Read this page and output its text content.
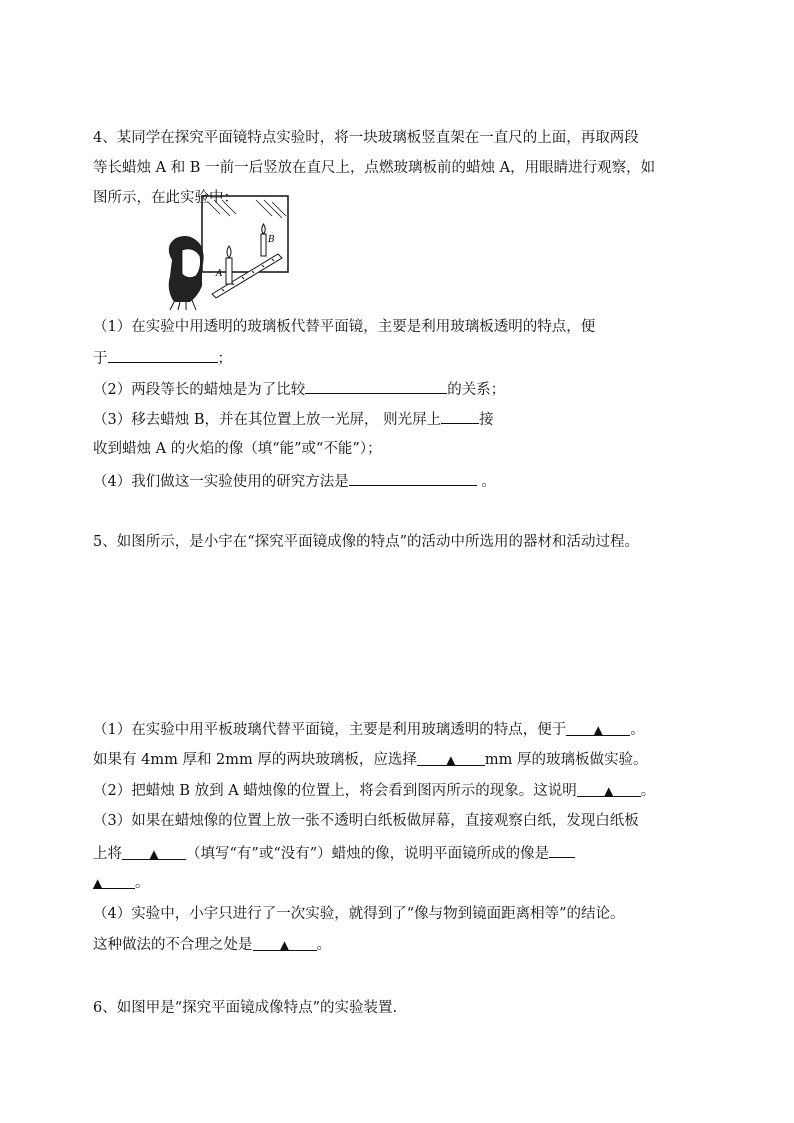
4、某同学在探究平面镜特点实验时，将一块玻璃板竖直架在一直尺的上面，再取两段
等长蜡烛 A 和 B 一前一后竖放在直尺上，点燃玻璃板前的蜡烛 A，用眼睛进行观察，如
图所示，在此实验中：
A
B
（1）在实验中用透明的玻璃板代替平面镜，主要是利用玻璃板透明的特点，便
于	；
（2）两段等长的蜡烛是为了比较	的关系；
（3）移去蜡烛 B，并在其位置上放一光屏， 则光屏上	接
收到蜡烛 A 的火焰的像（填“能”或“不能”）；
（4）我们做这一实验使用的研究方法是	。
5、如图所示，是小宇在“探究平面镜成像的特点”的活动中所选用的器材和活动过程。
（1）在实验中用平板玻璃代替平面镜，主要是利用玻璃透明的特点，便于 ▲ 。
如果有 4mm 厚和 2mm 厚的两块玻璃板，应选择 ▲ mm 厚的玻璃板做实验。
（2）把蜡烛 B 放到 A 蜡烛像的位置上，将会看到图丙所示的现象。这说明 ▲ 。
（3）如果在蜡烛像的位置上放一张不透明白纸板做屏幕，直接观察白纸，发现白纸板
上将 ▲ （填写“有”或“没有”）蜡烛的像，说明平面镜所成的像是
▲ 。
（4）实验中，小宇只进行了一次实验，就得到了“像与物到镜面距离相等”的结论。
这种做法的不合理之处是 ▲ 。
6、如图甲是“探究平面镜成像特点”的实验装置.
